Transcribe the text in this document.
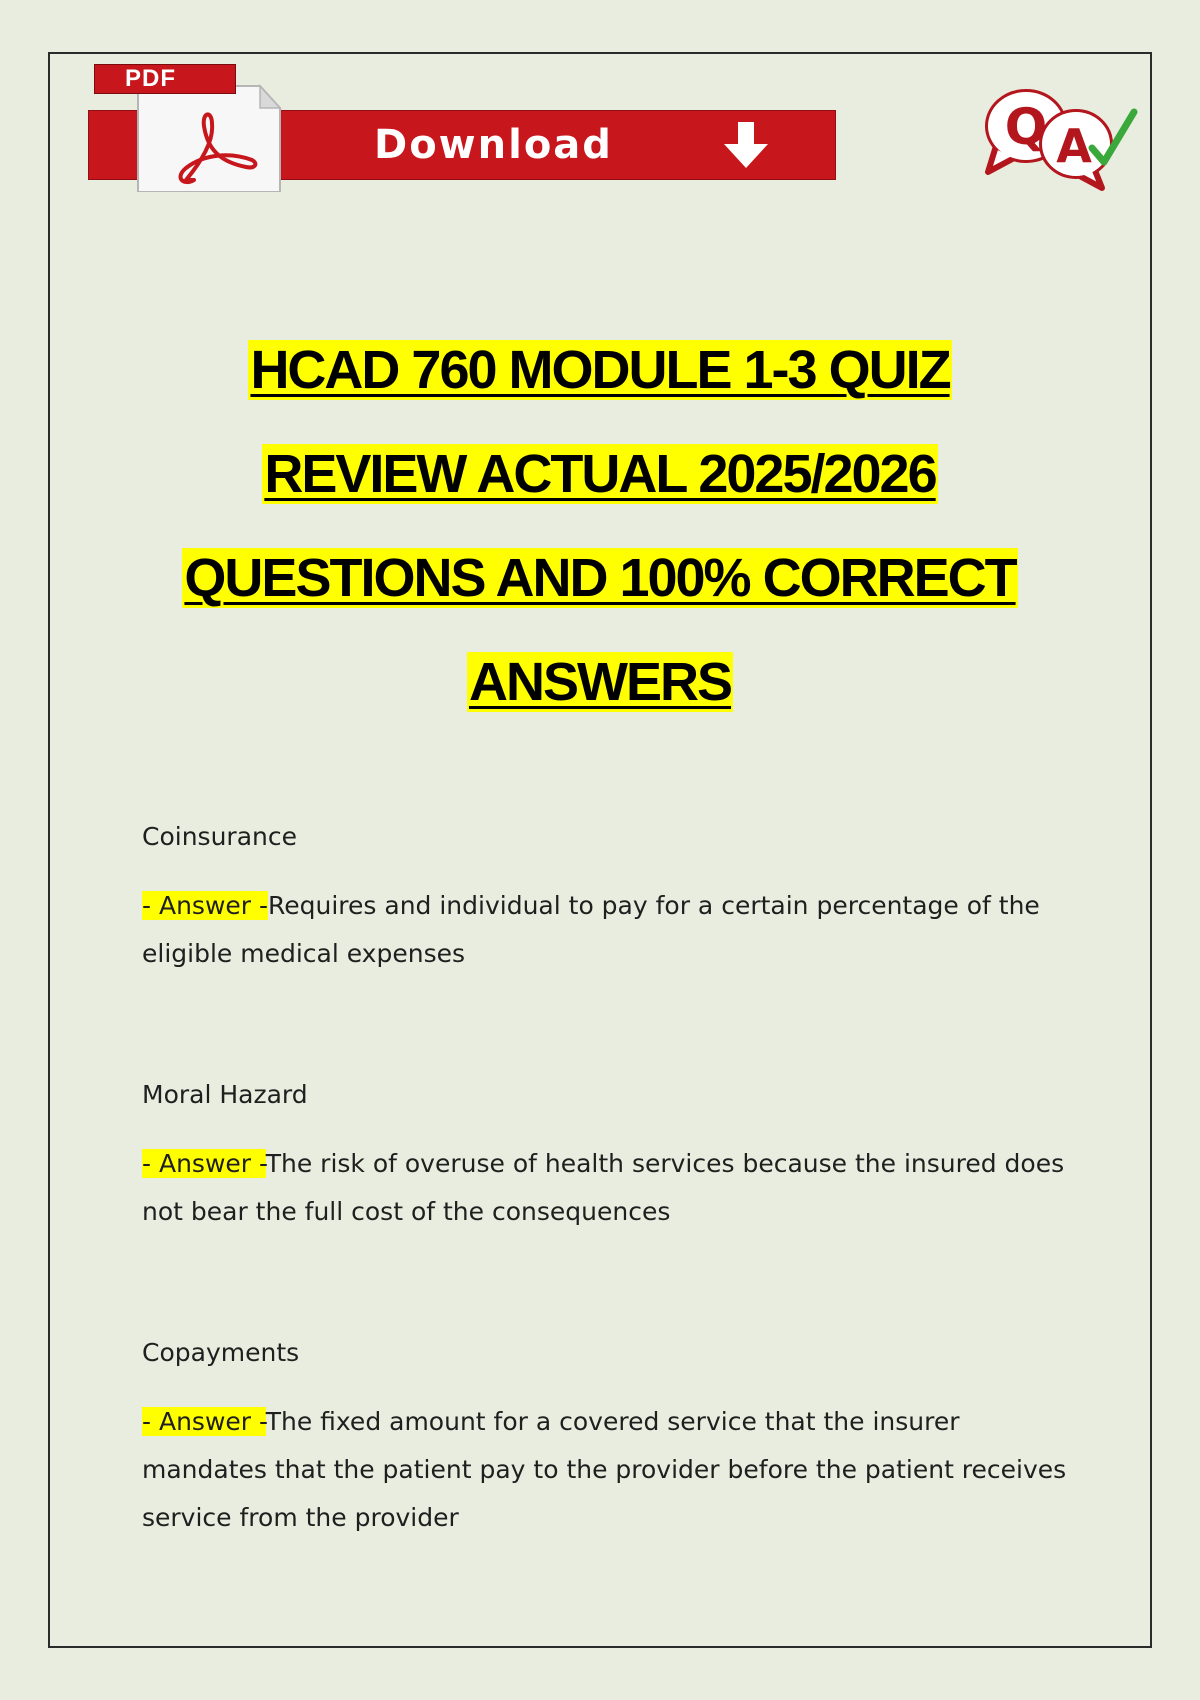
Download
PDF
Q A
HCAD 760 MODULE 1-3 QUIZ
REVIEW ACTUAL 2025/2026
QUESTIONS AND 100% CORRECT
ANSWERS
Coinsurance
- Answer -Requires and individual to pay for a certain percentage of the eligible medical expenses
Moral Hazard
- Answer -The risk of overuse of health services because the insured does not bear the full cost of the consequences
Copayments
- Answer -The fixed amount for a covered service that the insurer mandates that the patient pay to the provider before the patient receives service from the provider
